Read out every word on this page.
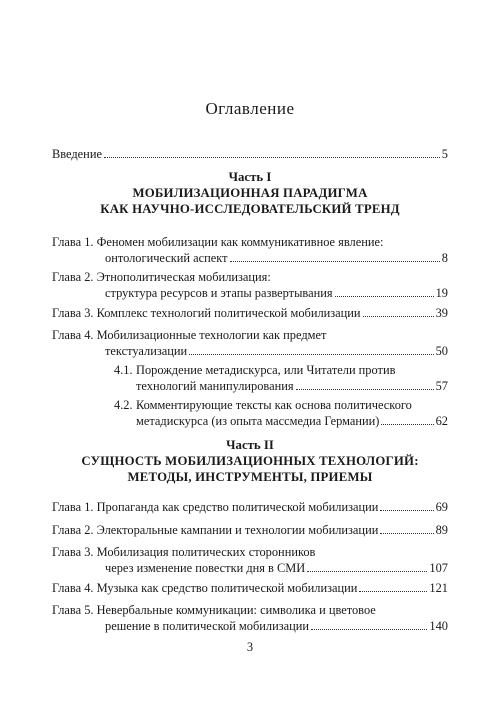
Оглавление
Введение	5
Часть I
МОБИЛИЗАЦИОННАЯ ПАРАДИГМА
КАК НАУЧНО-ИССЛЕДОВАТЕЛЬСКИЙ ТРЕНД
Глава 1.
Феномен мобилизации как коммуникативное явление:
онтологический аспект	8
Глава 2.
Этнополитическая мобилизация:
структура ресурсов и этапы развертывания	19
Глава 3. Комплекс технологий политической мобилизации	39
Глава 4.
Мобилизационные технологии как предмет
текстуализации	50
4.1. Порождение метадискурса, или Читатели против
технологий манипулирования	57
4.2. Комментирующие тексты как основа политического
метадискурса (из опыта массмедиа Германии)	62
Часть II
СУЩНОСТЬ МОБИЛИЗАЦИОННЫХ ТЕХНОЛОГИЙ:
МЕТОДЫ, ИНСТРУМЕНТЫ, ПРИЕМЫ
Глава 1. Пропаганда как средство политической мобилизации	69
Глава 2. Электоральные кампании и технологии мобилизации	89
Глава 3.
Мобилизация политических сторонников
через изменение повестки дня в СМИ	107
Глава 4. Музыка как средство политической мобилизации	121
Глава 5.
Невербальные коммуникации: символика и цветовое
решение в политической мобилизации	140
3
